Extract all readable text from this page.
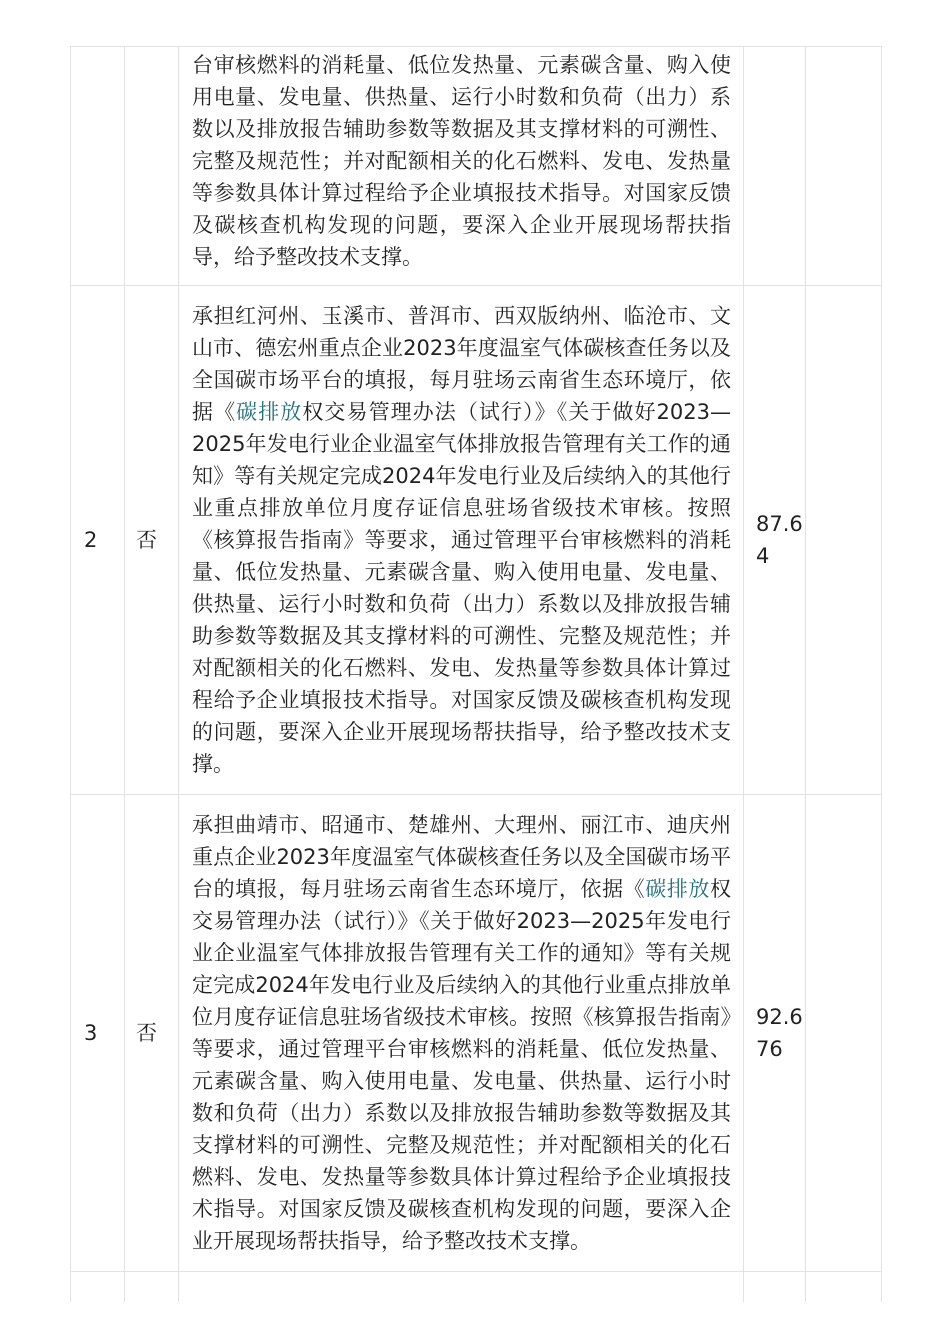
		台审核燃料的消耗量、低位发热量、元素碳含量、购入使用电量、发电量、供热量、运行小时数和负荷（出力）系数以及排放报告辅助参数等数据及其支撑材料的可溯性、完整及规范性；并对配额相关的化石燃料、发电、发热量等参数具体计算过程给予企业填报技术指导。对国家反馈及碳核查机构发现的问题，要深入企业开展现场帮扶指导，给予整改技术支撑。		
2	否	承担红河州、玉溪市、普洱市、西双版纳州、临沧市、文山市、德宏州重点企业2023年度温室气体碳核查任务以及全国碳市场平台的填报，每月驻场云南省生态环境厅，依据《碳排放权交易管理办法（试行）》《关于做好2023—2025年发电行业企业温室气体排放报告管理有关工作的通知》等有关规定完成2024年发电行业及后续纳入的其他行业重点排放单位月度存证信息驻场省级技术审核。按照《核算报告指南》等要求，通过管理平台审核燃料的消耗量、低位发热量、元素碳含量、购入使用电量、发电量、供热量、运行小时数和负荷（出力）系数以及排放报告辅助参数等数据及其支撑材料的可溯性、完整及规范性；并对配额相关的化石燃料、发电、发热量等参数具体计算过程给予企业填报技术指导。对国家反馈及碳核查机构发现的问题，要深入企业开展现场帮扶指导，给予整改技术支撑。	87.64	
3	否	承担曲靖市、昭通市、楚雄州、大理州、丽江市、迪庆州重点企业2023年度温室气体碳核查任务以及全国碳市场平台的填报，每月驻场云南省生态环境厅，依据《碳排放权交易管理办法（试行）》《关于做好2023—2025年发电行业企业温室气体排放报告管理有关工作的通知》等有关规定完成2024年发电行业及后续纳入的其他行业重点排放单位月度存证信息驻场省级技术审核。按照《核算报告指南》等要求，通过管理平台审核燃料的消耗量、低位发热量、元素碳含量、购入使用电量、发电量、供热量、运行小时数和负荷（出力）系数以及排放报告辅助参数等数据及其支撑材料的可溯性、完整及规范性；并对配额相关的化石燃料、发电、发热量等参数具体计算过程给予企业填报技术指导。对国家反馈及碳核查机构发现的问题，要深入企业开展现场帮扶指导，给予整改技术支撑。	92.676	
